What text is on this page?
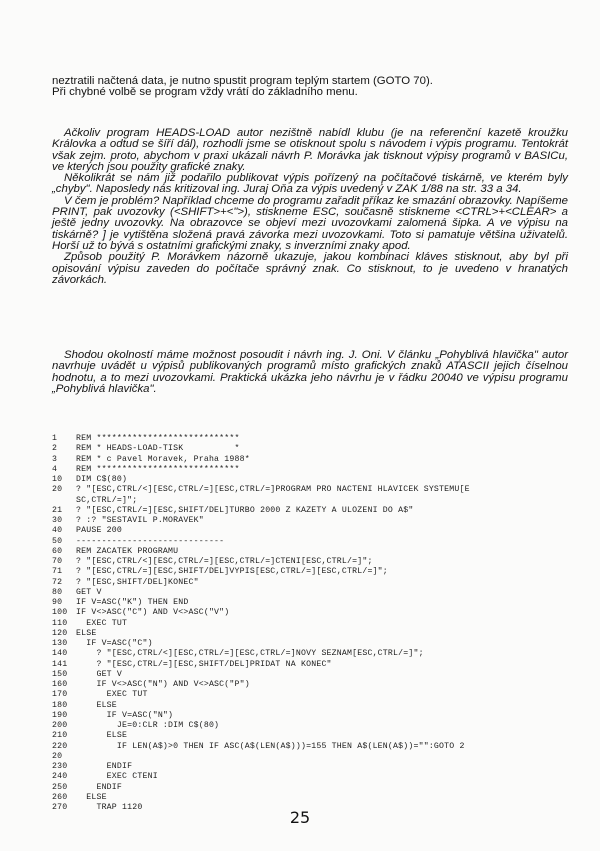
neztratili načtená data, je nutno spustit program teplým startem (GOTO 70).

Při chybné volbě se program vždy vrátí do základního menu.

Ačkoliv program HEADS-LOAD autor nezištně nabídl klubu (je na referenční kazetě kroužku Královka a odtud se šíří dál), rozhodli jsme se otisknout spolu s návodem i výpis programu. Tentokrát však zejm. proto, abychom v praxi ukázali návrh P. Morávka jak tisknout výpisy programů v BASICu, ve kterých jsou použity grafické znaky.

Několikrát se nám již podařilo publikovat výpis pořízený na počítačové tiskárně, ve kterém byly „chyby". Naposledy nás kritizoval ing. Juraj Oňa za výpis uvedený v ZAK 1/88 na str. 33 a 34.

V čem je problém? Například chceme do programu zařadit příkaz ke smazání obrazovky. Napíšeme PRINT, pak uvozovky (<SHIFT>+<">), stiskneme ESC, současně stiskneme <CTRL>+<CLEAR> a ještě jedny uvozovky. Na obrazovce se objeví mezi uvozovkami zalomená šipka. A ve výpisu na tiskárně? ] je vytištěna složená pravá závorka mezi uvozovkami. Toto si pamatuje většina uživatelů. Horší už to bývá s ostatními grafickými znaky, s inverzními znaky apod.

Způsob použitý P. Morávkem názorně ukazuje, jakou kombinaci kláves stisknout, aby byl při opisování výpisu zaveden do počítače správný znak. Co stisknout, to je uvedeno v hranatých závorkách.

Shodou okolností máme možnost posoudit i návrh ing. J. Oni. V článku „Pohyblivá hlavička" autor navrhuje uvádět u výpisů publikovaných programů místo grafických znaků ATASCII jejich číselnou hodnotu, a to mezi uvozovkami. Praktická ukázka jeho návrhu je v řádku 20040 ve výpisu programu „Pohyblivá hlavička".

1 REM ****************************
2 REM * HEADS-LOAD-TISK          *
3 REM * c Pavel Moravek, Praha 1988*
4 REM ****************************
10 DIM C$(80)
20 ? "[ESC,CTRL/<][ESC,CTRL/=][ESC,CTRL/=]PROGRAM PRO NACTENI HLAVICEK SYSTEMU[E
SC,CTRL/=]";
21 ? "[ESC,CTRL/=][ESC,SHIFT/DEL]TURBO 2000 Z KAZETY A ULOZENI DO A$"
30 ? :? "SESTAVIL P.MORAVEK"
40 PAUSE 200
50 -----------------------------
60 REM ZACATEK PROGRAMU
70 ? "[ESC,CTRL/<][ESC,CTRL/=][ESC,CTRL/=]CTENI[ESC,CTRL/=]";
71 ? "[ESC,CTRL/=][ESC,SHIFT/DEL]VYPIS[ESC,CTRL/=][ESC,CTRL/=]";
72 ? "[ESC,SHIFT/DEL]KONEC"
80 GET V
90 IF V=ASC("K") THEN END
100 IF V<>ASC("C") AND V<>ASC("V")
110  EXEC TUT
120 ELSE
130  IF V=ASC("C")
140    ? "[ESC,CTRL/<][ESC,CTRL/=][ESC,CTRL/=]NOVY SEZNAM[ESC,CTRL/=]";
141    ? "[ESC,CTRL/=][ESC,SHIFT/DEL]PRIDAT NA KONEC"
150    GET V
160    IF V<>ASC("N") AND V<>ASC("P")
170      EXEC TUT
180    ELSE
190      IF V=ASC("N")
200        JE=0:CLR :DIM C$(80)
210      ELSE
220        IF LEN(A$)>0 THEN IF ASC(A$(LEN(A$)))=155 THEN A$(LEN(A$))="":GOTO 2
20
230      ENDIF
240      EXEC CTENI
250    ENDIF
260  ELSE
270    TRAP 1120
25
